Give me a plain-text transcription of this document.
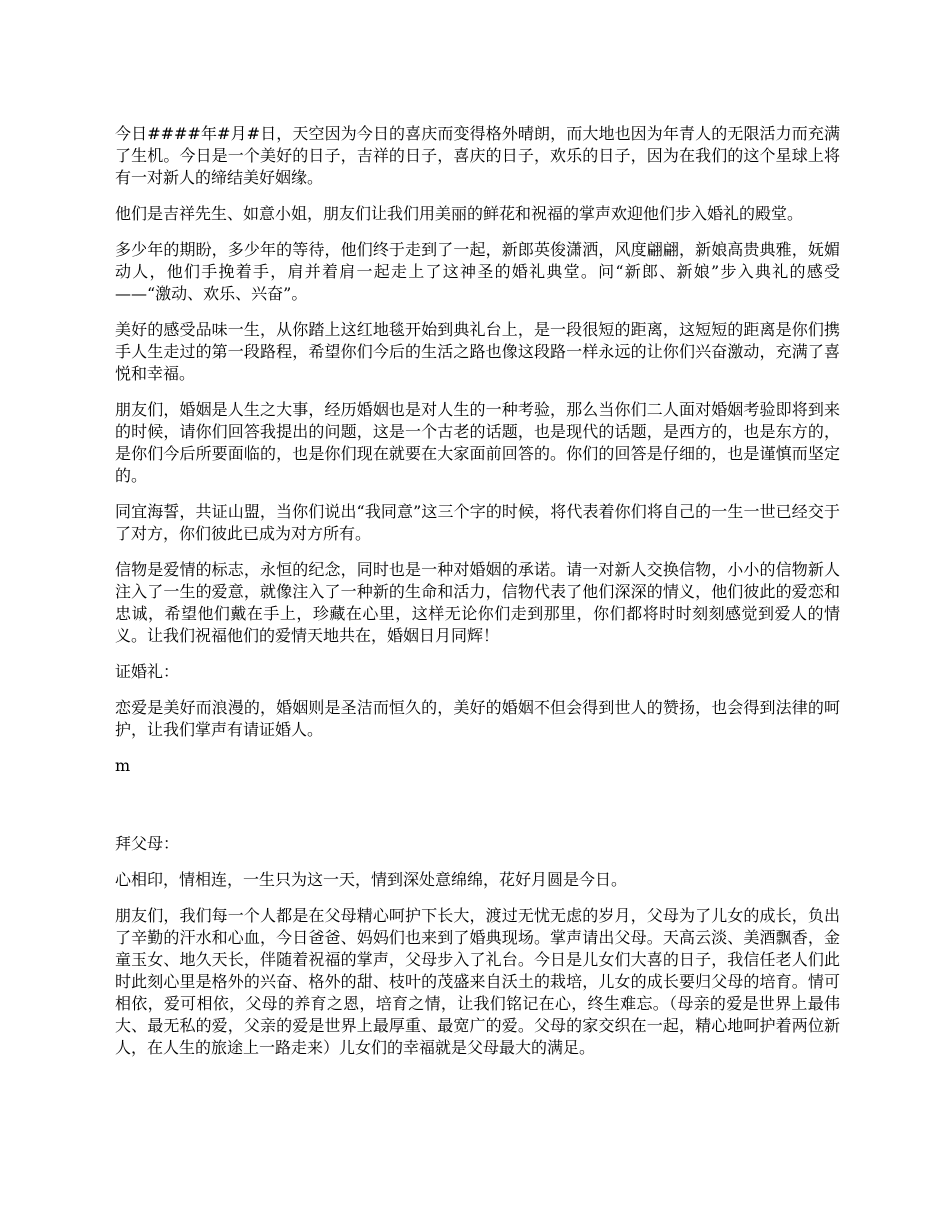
今日####年#月#日，天空因为今日的喜庆而变得格外晴朗，而大地也因为年青人的无限活力而充满了生机。今日是一个美好的日子，吉祥的日子，喜庆的日子，欢乐的日子，因为在我们的这个星球上将有一对新人的缔结美好姻缘。

他们是吉祥先生、如意小姐，朋友们让我们用美丽的鲜花和祝福的掌声欢迎他们步入婚礼的殿堂。

多少年的期盼，多少年的等待，他们终于走到了一起，新郎英俊潇洒，风度翩翩，新娘高贵典雅，妩媚动人，他们手挽着手，肩并着肩一起走上了这神圣的婚礼典堂。问“新郎、新娘”步入典礼的感受——“激动、欢乐、兴奋”。

美好的感受品味一生，从你踏上这红地毯开始到典礼台上，是一段很短的距离，这短短的距离是你们携手人生走过的第一段路程，希望你们今后的生活之路也像这段路一样永远的让你们兴奋激动，充满了喜悦和幸福。

朋友们，婚姻是人生之大事，经历婚姻也是对人生的一种考验，那么当你们二人面对婚姻考验即将到来的时候，请你们回答我提出的问题，这是一个古老的话题，也是现代的话题，是西方的，也是东方的，是你们今后所要面临的，也是你们现在就要在大家面前回答的。你们的回答是仔细的，也是谨慎而坚定的。

同宜海誓，共证山盟，当你们说出“我同意”这三个字的时候，将代表着你们将自己的一生一世已经交于了对方，你们彼此已成为对方所有。

信物是爱情的标志，永恒的纪念，同时也是一种对婚姻的承诺。请一对新人交换信物，小小的信物新人注入了一生的爱意，就像注入了一种新的生命和活力，信物代表了他们深深的情义，他们彼此的爱恋和忠诚，希望他们戴在手上，珍藏在心里，这样无论你们走到那里，你们都将时时刻刻感觉到爱人的情义。让我们祝福他们的爱情天地共在，婚姻日月同辉！

证婚礼：

恋爱是美好而浪漫的，婚姻则是圣洁而恒久的，美好的婚姻不但会得到世人的赞扬，也会得到法律的呵护，让我们掌声有请证婚人。

m

拜父母：

心相印，情相连，一生只为这一天，情到深处意绵绵，花好月圆是今日。

朋友们，我们每一个人都是在父母精心呵护下长大，渡过无忧无虑的岁月，父母为了儿女的成长，负出了辛勤的汗水和心血，今日爸爸、妈妈们也来到了婚典现场。掌声请出父母。天高云淡、美酒飘香，金童玉女、地久天长，伴随着祝福的掌声，父母步入了礼台。今日是儿女们大喜的日子，我信任老人们此时此刻心里是格外的兴奋、格外的甜、枝叶的茂盛来自沃土的栽培，儿女的成长要归父母的培育。情可相依，爱可相依，父母的养育之恩，培育之情，让我们铭记在心，终生难忘。（母亲的爱是世界上最伟大、最无私的爱，父亲的爱是世界上最厚重、最宽广的爱。父母的家交织在一起，精心地呵护着两位新人，在人生的旅途上一路走来）儿女们的幸福就是父母最大的满足。
